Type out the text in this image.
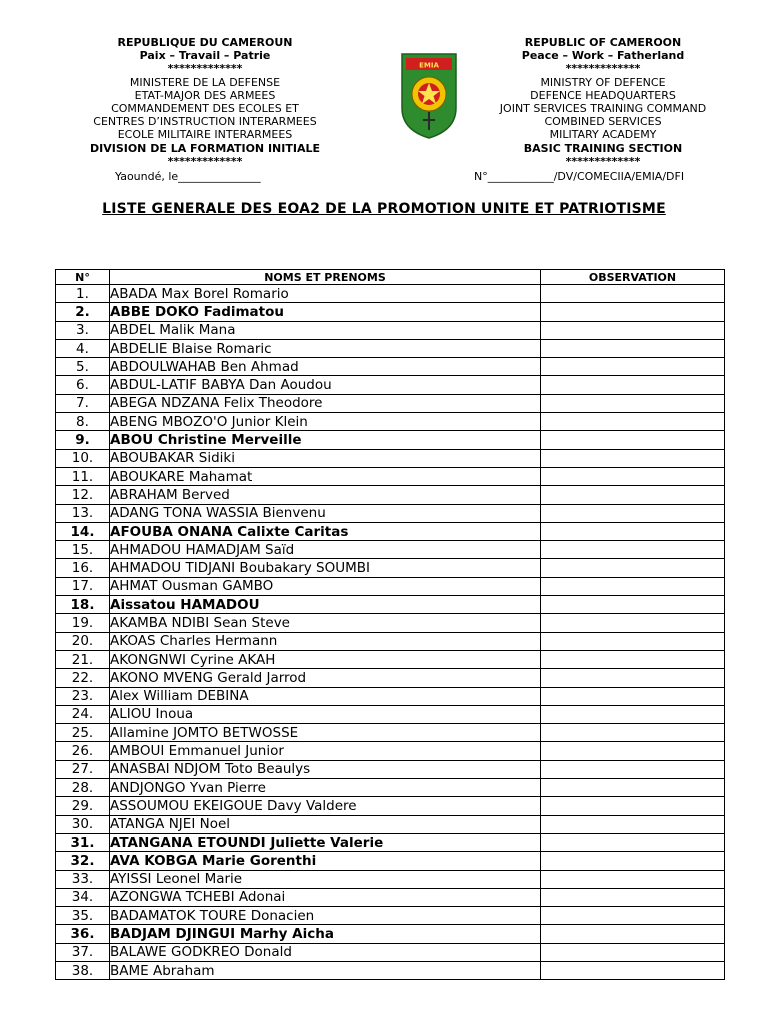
REPUBLIQUE DU CAMEROUN
Paix – Travail – Patrie
*************
MINISTERE DE LA DEFENSE
ETAT-MAJOR DES ARMEES
COMMANDEMENT DES ECOLES ET
CENTRES D’INSTRUCTION INTERARMEES
ECOLE MILITAIRE INTERARMEES
DIVISION DE LA FORMATION INITIALE
*************
EMIA
REPUBLIC OF CAMEROON
Peace – Work – Fatherland
*************
MINISTRY OF DEFENCE
DEFENCE HEADQUARTERS
JOINT SERVICES TRAINING COMMAND
COMBINED SERVICES
MILITARY ACADEMY
BASIC TRAINING SECTION
*************
Yaoundé, le_______________	N°____________/DV/COMECIIA/EMIA/DFI
LISTE GENERALE DES EOA2 DE LA PROMOTION UNITE ET PATRIOTISME
N°	NOMS ET PRENOMS	OBSERVATION
1.	ABADA Max Borel Romario	
2.	ABBE DOKO Fadimatou	
3.	ABDEL Malik Mana	
4.	ABDELIE Blaise Romaric	
5.	ABDOULWAHAB Ben Ahmad	
6.	ABDUL-LATIF BABYA Dan Aoudou	
7.	ABEGA NDZANA Felix Theodore	
8.	ABENG MBOZO'O Junior Klein	
9.	ABOU Christine Merveille	
10.	ABOUBAKAR Sidiki	
11.	ABOUKARE Mahamat	
12.	ABRAHAM Berved	
13.	ADANG TONA WASSIA Bienvenu	
14.	AFOUBA ONANA Calixte Caritas	
15.	AHMADOU HAMADJAM Saïd	
16.	AHMADOU TIDJANI Boubakary SOUMBI	
17.	AHMAT Ousman GAMBO	
18.	Aissatou HAMADOU	
19.	AKAMBA NDIBI Sean Steve	
20.	AKOAS Charles Hermann	
21.	AKONGNWI Cyrine AKAH	
22.	AKONO MVENG Gerald Jarrod	
23.	Alex William DEBINA	
24.	ALIOU Inoua	
25.	Allamine JOMTO BETWOSSE	
26.	AMBOUI Emmanuel Junior	
27.	ANASBAI NDJOM Toto Beaulys	
28.	ANDJONGO Yvan Pierre	
29.	ASSOUMOU EKEIGOUE Davy Valdere	
30.	ATANGA NJEI Noel	
31.	ATANGANA ETOUNDI Juliette Valerie	
32.	AVA KOBGA Marie Gorenthi	
33.	AYISSI Leonel Marie	
34.	AZONGWA TCHEBI Adonai	
35.	BADAMATOK TOURE Donacien	
36.	BADJAM DJINGUI Marhy Aicha	
37.	BALAWE GODKREO Donald	
38.	BAME Abraham	
